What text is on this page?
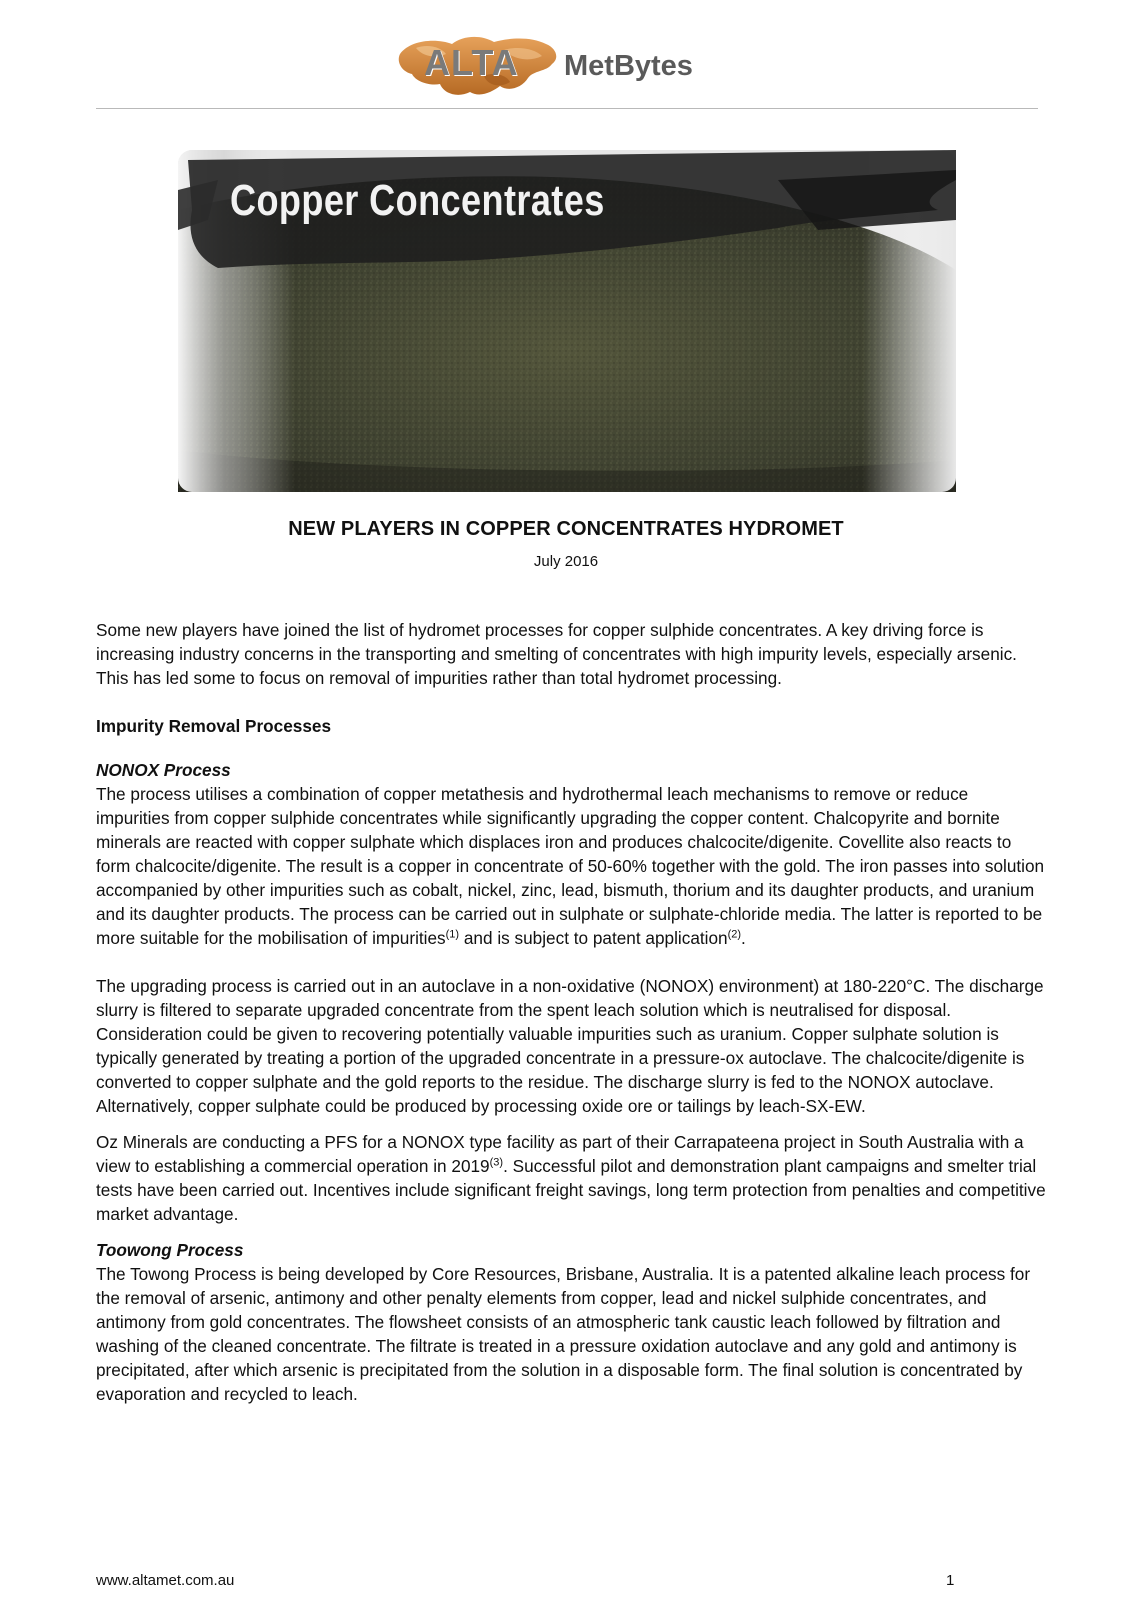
ALTA MetBytes
Copper Concentrates
NEW PLAYERS IN COPPER CONCENTRATES HYDROMET
July 2016

Some new players have joined the list of hydromet processes for copper sulphide concentrates. A key driving force is increasing industry concerns in the transporting and smelting of concentrates with high impurity levels, especially arsenic. This has led some to focus on removal of impurities rather than total hydromet processing.

Impurity Removal Processes

NONOX Process

The process utilises a combination of copper metathesis and hydrothermal leach mechanisms to remove or reduce impurities from copper sulphide concentrates while significantly upgrading the copper content. Chalcopyrite and bornite minerals are reacted with copper sulphate which displaces iron and produces chalcocite/digenite. Covellite also reacts to form chalcocite/digenite. The result is a copper in concentrate of 50-60% together with the gold. The iron passes into solution accompanied by other impurities such as cobalt, nickel, zinc, lead, bismuth, thorium and its daughter products, and uranium and its daughter products. The process can be carried out in sulphate or sulphate-chloride media. The latter is reported to be more suitable for the mobilisation of impurities$^{(1)}$ and is subject to patent application$^{(2)}$.

The upgrading process is carried out in an autoclave in a non-oxidative (NONOX) environment) at 180-220°C. The discharge slurry is filtered to separate upgraded concentrate from the spent leach solution which is neutralised for disposal. Consideration could be given to recovering potentially valuable impurities such as uranium. Copper sulphate solution is typically generated by treating a portion of the upgraded concentrate in a pressure-ox autoclave. The chalcocite/digenite is converted to copper sulphate and the gold reports to the residue. The discharge slurry is fed to the NONOX autoclave. Alternatively, copper sulphate could be produced by processing oxide ore or tailings by leach-SX-EW.

Oz Minerals are conducting a PFS for a NONOX type facility as part of their Carrapateena project in South Australia with a view to establishing a commercial operation in 2019$^{(3)}$. Successful pilot and demonstration plant campaigns and smelter trial tests have been carried out. Incentives include significant freight savings, long term protection from penalties and competitive market advantage.

Toowong Process

The Towong Process is being developed by Core Resources, Brisbane, Australia. It is a patented alkaline leach process for the removal of arsenic, antimony and other penalty elements from copper, lead and nickel sulphide concentrates, and antimony from gold concentrates. The flowsheet consists of an atmospheric tank caustic leach followed by filtration and washing of the cleaned concentrate. The filtrate is treated in a pressure oxidation autoclave and any gold and antimony is precipitated, after which arsenic is precipitated from the solution in a disposable form. The final solution is concentrated by evaporation and recycled to leach.

www.altamet.com.au	1
